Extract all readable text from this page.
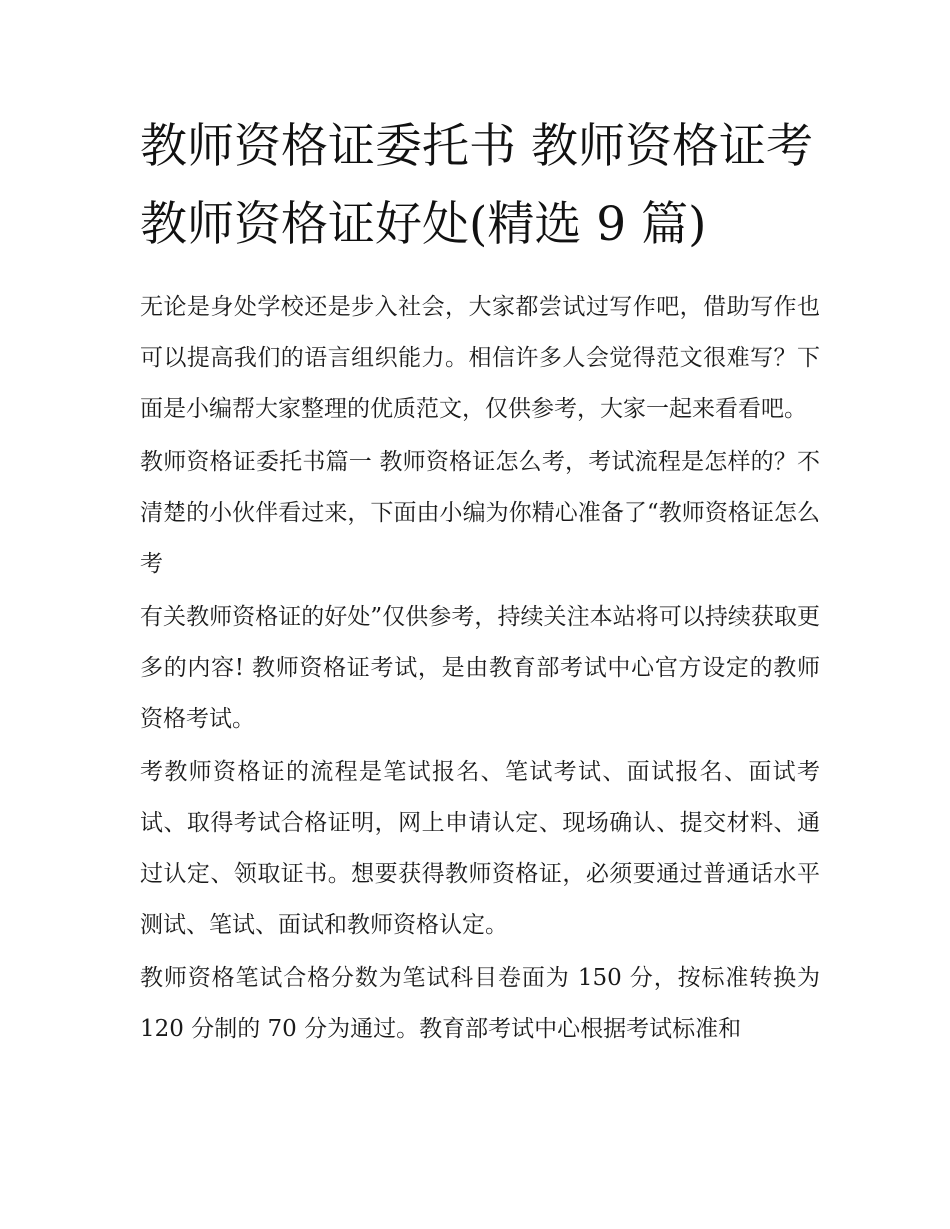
教师资格证委托书 教师资格证考教师资格证好处(精选 9 篇)

无论是身处学校还是步入社会，大家都尝试过写作吧，借助写作也可以提高我们的语言组织能力。相信许多人会觉得范文很难写？下面是小编帮大家整理的优质范文，仅供参考，大家一起来看看吧。

教师资格证委托书篇一 教师资格证怎么考，考试流程是怎样的？不清楚的小伙伴看过来，下面由小编为你精心准备了“教师资格证怎么考

有关教师资格证的好处”仅供参考，持续关注本站将可以持续获取更多的内容! 教师资格证考试，是由教育部考试中心官方设定的教师资格考试。

考教师资格证的流程是笔试报名、笔试考试、面试报名、面试考试、取得考试合格证明，网上申请认定、现场确认、提交材料、通过认定、领取证书。想要获得教师资格证，必须要通过普通话水平测试、笔试、面试和教师资格认定。

教师资格笔试合格分数为笔试科目卷面为 150 分，按标准转换为 120 分制的 70 分为通过。教育部考试中心根据考试标准和
